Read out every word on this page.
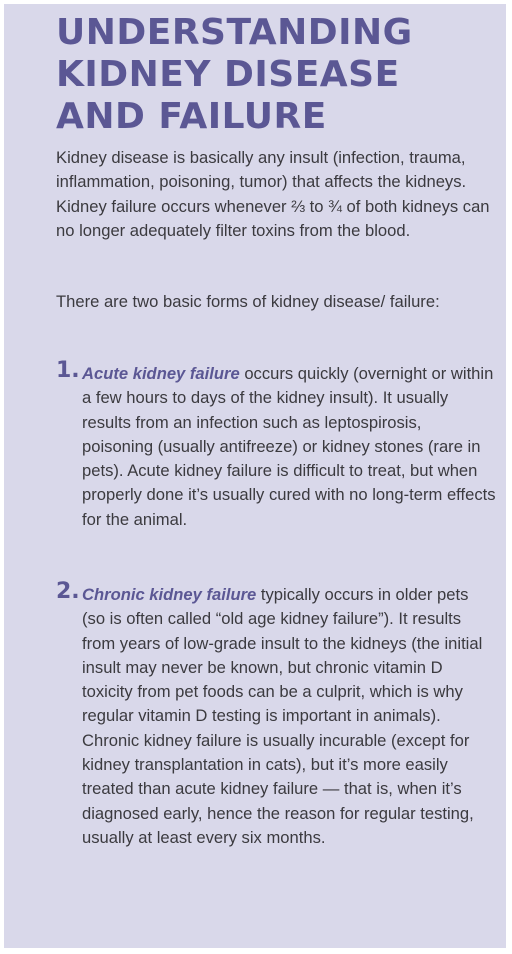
UNDERSTANDING
KIDNEY DISEASE
AND FAILURE

Kidney disease is basically any insult (infection, trauma, inflammation, poisoning, tumor) that affects the kidneys. Kidney failure occurs whenever ⅔ to ¾ of both kidneys can no longer adequately filter toxins from the blood.

There are two basic forms of kidney disease/ failure:

1. Acute kidney failure occurs quickly (overnight or within a few hours to days of the kidney insult). It usually results from an infection such as leptospirosis, poisoning (usually antifreeze) or kidney stones (rare in pets). Acute kidney failure is difficult to treat, but when properly done it’s usually cured with no long-term effects for the animal.

2. Chronic kidney failure typically occurs in older pets (so is often called “old age kidney failure”). It results from years of low-grade insult to the kidneys (the initial insult may never be known, but chronic vitamin D toxicity from pet foods can be a culprit, which is why regular vitamin D testing is important in animals). Chronic kidney failure is usually incurable (except for kidney transplantation in cats), but it’s more easily treated than acute kidney failure — that is, when it’s diagnosed early, hence the reason for regular testing, usually at least every six months.
